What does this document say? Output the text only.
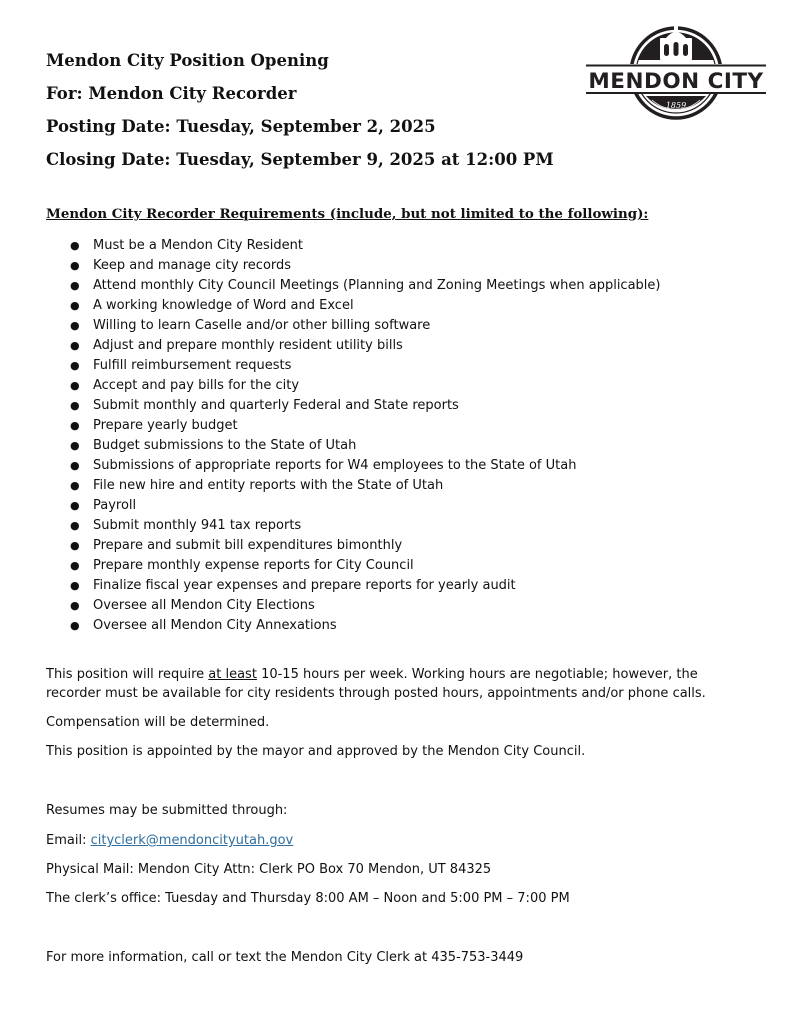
Mendon City Position Opening
For: Mendon City Recorder
Posting Date: Tuesday, September 2, 2025
Closing Date: Tuesday, September 9, 2025 at 12:00 PM
MENDON CITY
1859
Mendon City Recorder Requirements (include, but not limited to the following):
● Must be a Mendon City Resident
● Keep and manage city records
● Attend monthly City Council Meetings (Planning and Zoning Meetings when applicable)
● A working knowledge of Word and Excel
● Willing to learn Caselle and/or other billing software
● Adjust and prepare monthly resident utility bills
● Fulfill reimbursement requests
● Accept and pay bills for the city
● Submit monthly and quarterly Federal and State reports
● Prepare yearly budget
● Budget submissions to the State of Utah
● Submissions of appropriate reports for W4 employees to the State of Utah
● File new hire and entity reports with the State of Utah
● Payroll
● Submit monthly 941 tax reports
● Prepare and submit bill expenditures bimonthly
● Prepare monthly expense reports for City Council
● Finalize fiscal year expenses and prepare reports for yearly audit
● Oversee all Mendon City Elections
● Oversee all Mendon City Annexations
This position will require at least 10-15 hours per week. Working hours are negotiable; however, the
recorder must be available for city residents through posted hours, appointments and/or phone calls.
Compensation will be determined.
This position is appointed by the mayor and approved by the Mendon City Council.
Resumes may be submitted through:
Email: cityclerk@mendoncityutah.gov
Physical Mail: Mendon City Attn: Clerk PO Box 70 Mendon, UT 84325
The clerk’s office: Tuesday and Thursday 8:00 AM – Noon and 5:00 PM – 7:00 PM
For more information, call or text the Mendon City Clerk at 435-753-3449
